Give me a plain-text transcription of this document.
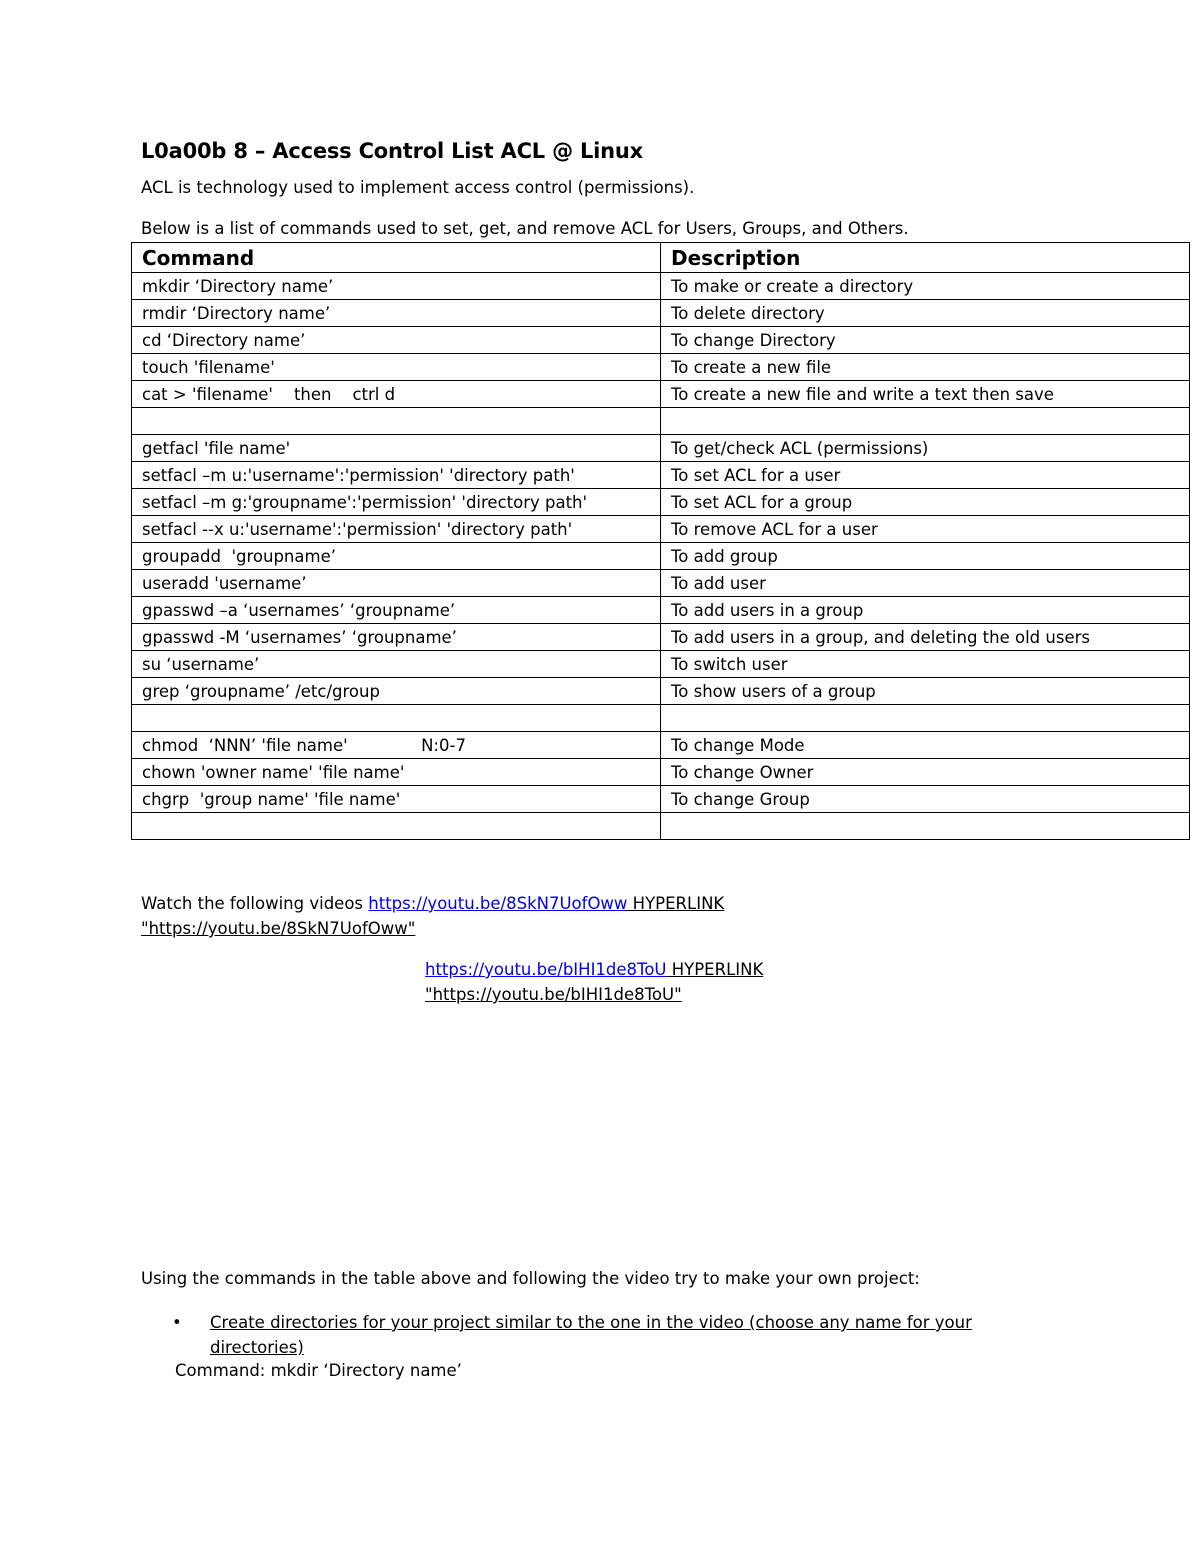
L0a00b 8 – Access Control List ACL @ Linux
ACL is technology used to implement access control (permissions).
Below is a list of commands used to set, get, and remove ACL for Users, Groups, and Others.
Command	Description
mkdir ‘Directory name’	To make or create a directory
rmdir ‘Directory name’	To delete directory
cd ‘Directory name’	To change Directory
touch 'filename'	To create a new file
cat > 'filename'    then    ctrl d	To create a new file and write a text then save

getfacl 'file name'	To get/check ACL (permissions)
setfacl –m u:'username':'permission' 'directory path'	To set ACL for a user
setfacl –m g:'groupname':'permission' 'directory path'	To set ACL for a group
setfacl --x u:'username':'permission' 'directory path'	To remove ACL for a user
groupadd  'groupname’	To add group
useradd 'username’	To add user
gpasswd –a ‘usernames’ ‘groupname’	To add users in a group
gpasswd -M ‘usernames’ ‘groupname’	To add users in a group, and deleting the old users
su ‘username’	To switch user
grep ‘groupname’ /etc/group	To show users of a group

chmod  ‘NNN’ 'file name'              N:0-7	To change Mode
chown 'owner name' 'file name'	To change Owner
chgrp  'group name' 'file name'	To change Group

Watch the following videos https://youtu.be/8SkN7UofOww HYPERLINK
"https://youtu.be/8SkN7UofOww"
https://youtu.be/bIHI1de8ToU HYPERLINK
"https://youtu.be/bIHI1de8ToU"
Using the commands in the table above and following the video try to make your own project:
•	Create directories for your project similar to the one in the video (choose any name for your directories)
Command: mkdir ‘Directory name’
